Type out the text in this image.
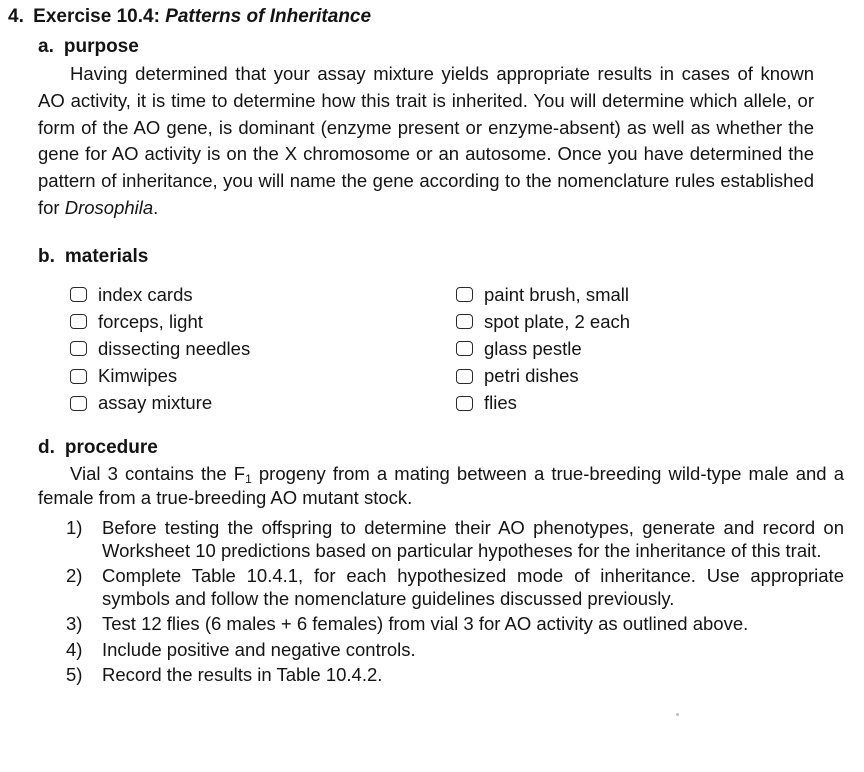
4. Exercise 10.4: Patterns of Inheritance
a. purpose

Having determined that your assay mixture yields appropriate results in cases of known AO activity, it is time to determine how this trait is inherited. You will determine which allele, or form of the AO gene, is dominant (enzyme present or enzyme-absent) as well as whether the gene for AO activity is on the X chromosome or an autosome. Once you have determined the pattern of inheritance, you will name the gene according to the nomenclature rules established for Drosophila.

b. materials
index cards
forceps, light
dissecting needles
Kimwipes
assay mixture
paint brush, small
spot plate, 2 each
glass pestle
petri dishes
flies
d. procedure

Vial 3 contains the $F_1$ progeny from a mating between a true-breeding wild-type male and a female from a true-breeding AO mutant stock.

1)	Before testing the offspring to determine their AO phenotypes, generate and record on Worksheet 10 predictions based on particular hypotheses for the inheritance of this trait.
2)	Complete Table 10.4.1, for each hypothesized mode of inheritance. Use appropriate symbols and follow the nomenclature guidelines discussed previously.
3)	Test 12 flies (6 males + 6 females) from vial 3 for AO activity as outlined above.
4)	Include positive and negative controls.
5)	Record the results in Table 10.4.2.
